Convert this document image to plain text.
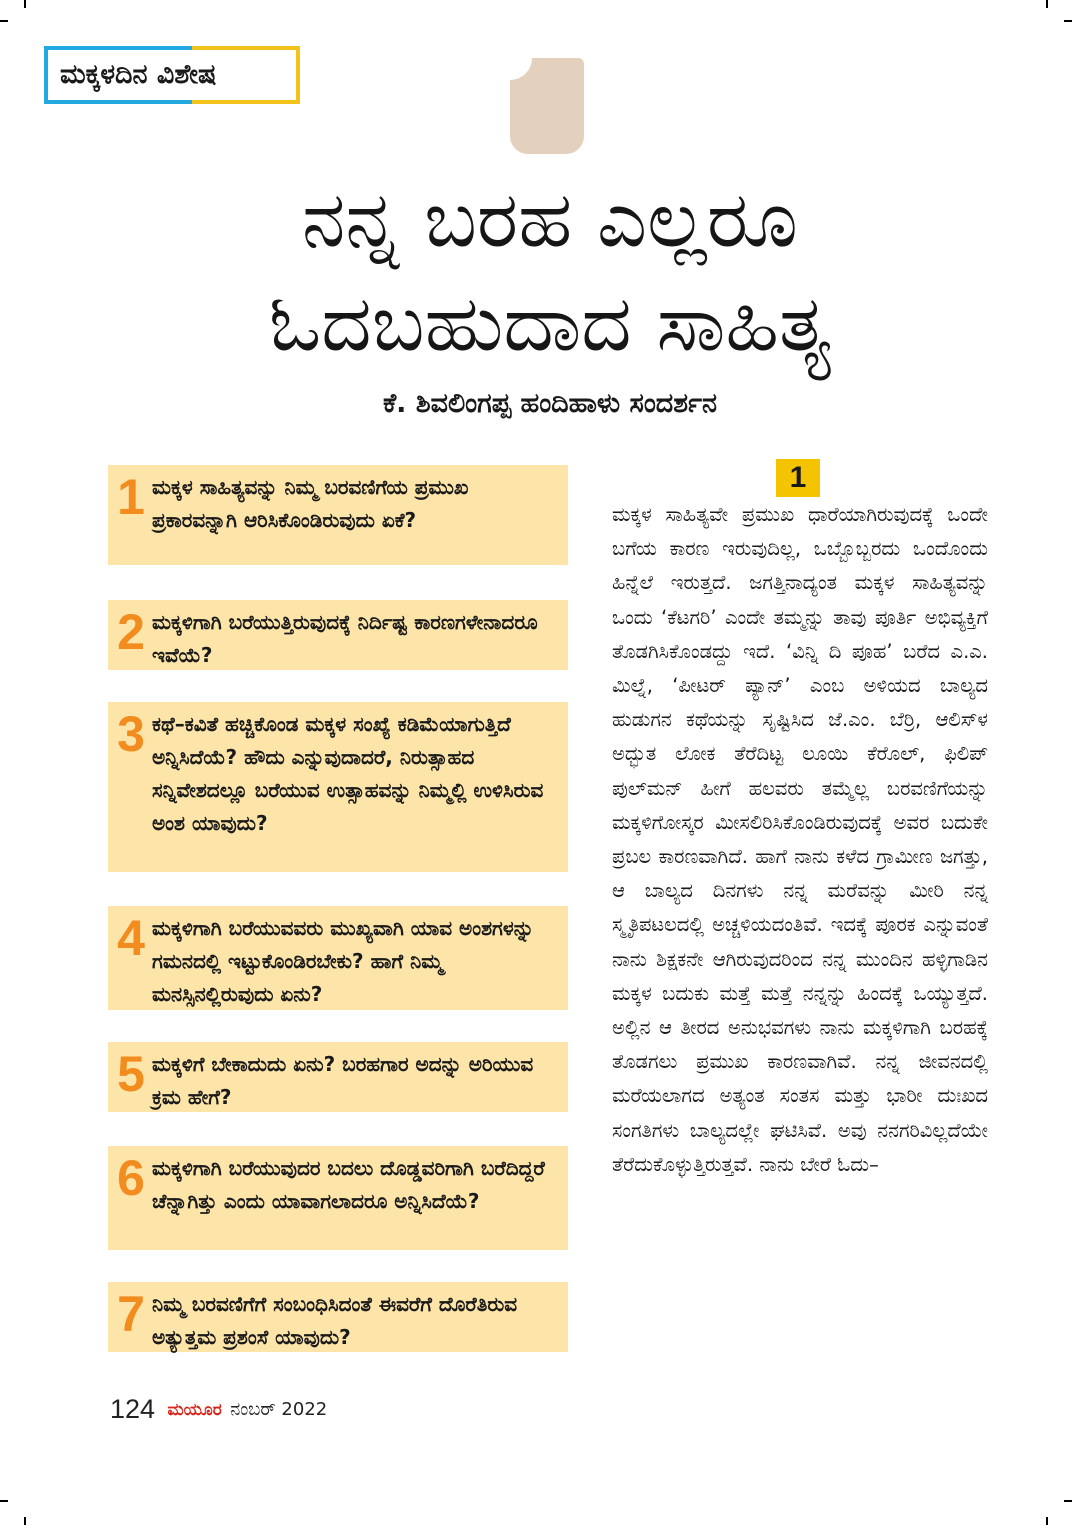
ಮಕ್ಕಳದಿನ ವಿಶೇಷ
ನನ್ನ ಬರಹ ಎಲ್ಲರೂ
ಓದಬಹುದಾದ ಸಾಹಿತ್ಯ

ಕೆ. ಶಿವಲಿಂಗಪ್ಪ ಹಂದಿಹಾಳು ಸಂದರ್ಶನ

1 ಮಕ್ಕಳ ಸಾಹಿತ್ಯವನ್ನು ನಿಮ್ಮ ಬರವಣಿಗೆಯ ಪ್ರಮುಖ ಪ್ರಕಾರವನ್ನಾಗಿ ಆರಿಸಿಕೊಂಡಿರುವುದು ಏಕೆ?
2 ಮಕ್ಕಳಿಗಾಗಿ ಬರೆಯುತ್ತಿರುವುದಕ್ಕೆ ನಿರ್ದಿಷ್ಟ ಕಾರಣಗಳೇನಾದರೂ ಇವೆಯೆ?
3 ಕಥೆ–ಕವಿತೆ ಹಚ್ಚಿಕೊಂಡ ಮಕ್ಕಳ ಸಂಖ್ಯೆ ಕಡಿಮೆಯಾಗುತ್ತಿದೆ ಅನ್ನಿಸಿದೆಯೆ? ಹೌದು ಎನ್ನುವುದಾದರೆ, ನಿರುತ್ಸಾಹದ ಸನ್ನಿವೇಶದಲ್ಲೂ ಬರೆಯುವ ಉತ್ಸಾಹವನ್ನು ನಿಮ್ಮಲ್ಲಿ ಉಳಿಸಿರುವ ಅಂಶ ಯಾವುದು?
4 ಮಕ್ಕಳಿಗಾಗಿ ಬರೆಯುವವರು ಮುಖ್ಯವಾಗಿ ಯಾವ ಅಂಶಗಳನ್ನು ಗಮನದಲ್ಲಿ ಇಟ್ಟುಕೊಂಡಿರಬೇಕು? ಹಾಗೆ ನಿಮ್ಮ ಮನಸ್ಸಿನಲ್ಲಿರುವುದು ಏನು?
5 ಮಕ್ಕಳಿಗೆ ಬೇಕಾದುದು ಏನು? ಬರಹಗಾರ ಅದನ್ನು ಅರಿಯುವ ಕ್ರಮ ಹೇಗೆ?
6 ಮಕ್ಕಳಿಗಾಗಿ ಬರೆಯುವುದರ ಬದಲು ದೊಡ್ಡವರಿಗಾಗಿ ಬರೆದಿದ್ದರೆ ಚೆನ್ನಾಗಿತ್ತು ಎಂದು ಯಾವಾಗಲಾದರೂ ಅನ್ನಿಸಿದೆಯೆ?
7 ನಿಮ್ಮ ಬರವಣಿಗೆಗೆ ಸಂಬಂಧಿಸಿದಂತೆ ಈವರೆಗೆ ದೊರೆತಿರುವ ಅತ್ಯುತ್ತಮ ಪ್ರಶಂಸೆ ಯಾವುದು?
1
ಮಕ್ಕಳ ಸಾಹಿತ್ಯವೇ ಪ್ರಮುಖ ಧಾರೆಯಾಗಿರುವುದಕ್ಕೆ ಒಂದೇ ಬಗೆಯ ಕಾರಣ ಇರುವುದಿಲ್ಲ, ಒಬ್ಬೊಬ್ಬರದು ಒಂದೊಂದು ಹಿನ್ನೆಲೆ ಇರುತ್ತದೆ. ಜಗತ್ತಿನಾದ್ಯಂತ ಮಕ್ಕಳ ಸಾಹಿತ್ಯವನ್ನು ಒಂದು ‘ಕೆಟಗರಿ’ ಎಂದೇ ತಮ್ಮನ್ನು ತಾವು ಪೂರ್ತಿ ಅಭಿವ್ಯಕ್ತಿಗೆ ತೊಡಗಿಸಿಕೊಂಡದ್ದು ಇದೆ. ‘ವಿನ್ನಿ ದಿ ಪೂಹ’ ಬರೆದ ಎ.ಎ. ಮಿಲ್ನೆ, ‘ಪೀಟರ್ ಪ್ಯಾನ್’ ಎಂಬ ಅಳಿಯದ ಬಾಲ್ಯದ ಹುಡುಗನ ಕಥೆಯನ್ನು ಸೃಷ್ಟಿಸಿದ ಜೆ.ಎಂ. ಬೆರ್ರಿ, ಆಲಿಸ್‌ಳ ಅದ್ಭುತ ಲೋಕ ತೆರೆದಿಟ್ಟ ಲೂಯಿ ಕೆರೊಲ್, ಫಿಲಿಪ್ ಪುಲ್‌ಮನ್ ಹೀಗೆ ಹಲವರು ತಮ್ಮೆಲ್ಲ ಬರವಣಿಗೆಯನ್ನು ಮಕ್ಕಳಿಗೋಸ್ಕರ ಮೀಸಲಿರಿಸಿಕೊಂಡಿರುವುದಕ್ಕೆ ಅವರ ಬದುಕೇ ಪ್ರಬಲ ಕಾರಣವಾಗಿದೆ. ಹಾಗೆ ನಾನು ಕಳೆದ ಗ್ರಾಮೀಣ ಜಗತ್ತು, ಆ ಬಾಲ್ಯದ ದಿನಗಳು ನನ್ನ ಮರೆವನ್ನು ಮೀರಿ ನನ್ನ ಸ್ಮೃತಿಪಟಲದಲ್ಲಿ ಅಚ್ಚಳಿಯದಂತಿವೆ. ಇದಕ್ಕೆ ಪೂರಕ ಎನ್ನುವಂತೆ ನಾನು ಶಿಕ್ಷಕನೇ ಆಗಿರುವುದರಿಂದ ನನ್ನ ಮುಂದಿನ ಹಳ್ಳಿಗಾಡಿನ ಮಕ್ಕಳ ಬದುಕು ಮತ್ತೆ ಮತ್ತೆ ನನ್ನನ್ನು ಹಿಂದಕ್ಕೆ ಒಯ್ಯುತ್ತದೆ. ಅಲ್ಲಿನ ಆ ತೀರದ ಅನುಭವಗಳು ನಾನು ಮಕ್ಕಳಿಗಾಗಿ ಬರಹಕ್ಕೆ ತೊಡಗಲು ಪ್ರಮುಖ ಕಾರಣವಾಗಿವೆ. ನನ್ನ ಜೀವನದಲ್ಲಿ ಮರೆಯಲಾಗದ ಅತ್ಯಂತ ಸಂತಸ ಮತ್ತು ಭಾರೀ ದುಃಖದ ಸಂಗತಿಗಳು ಬಾಲ್ಯದಲ್ಲೇ ಘಟಿಸಿವೆ. ಅವು ನನಗರಿವಿಲ್ಲದೆಯೇ ತೆರೆದುಕೊಳ್ಳುತ್ತಿರುತ್ತವೆ. ನಾನು ಬೇರೆ ಓದು–
124 ಮಯೂರ ನಂಬರ್ 2022
